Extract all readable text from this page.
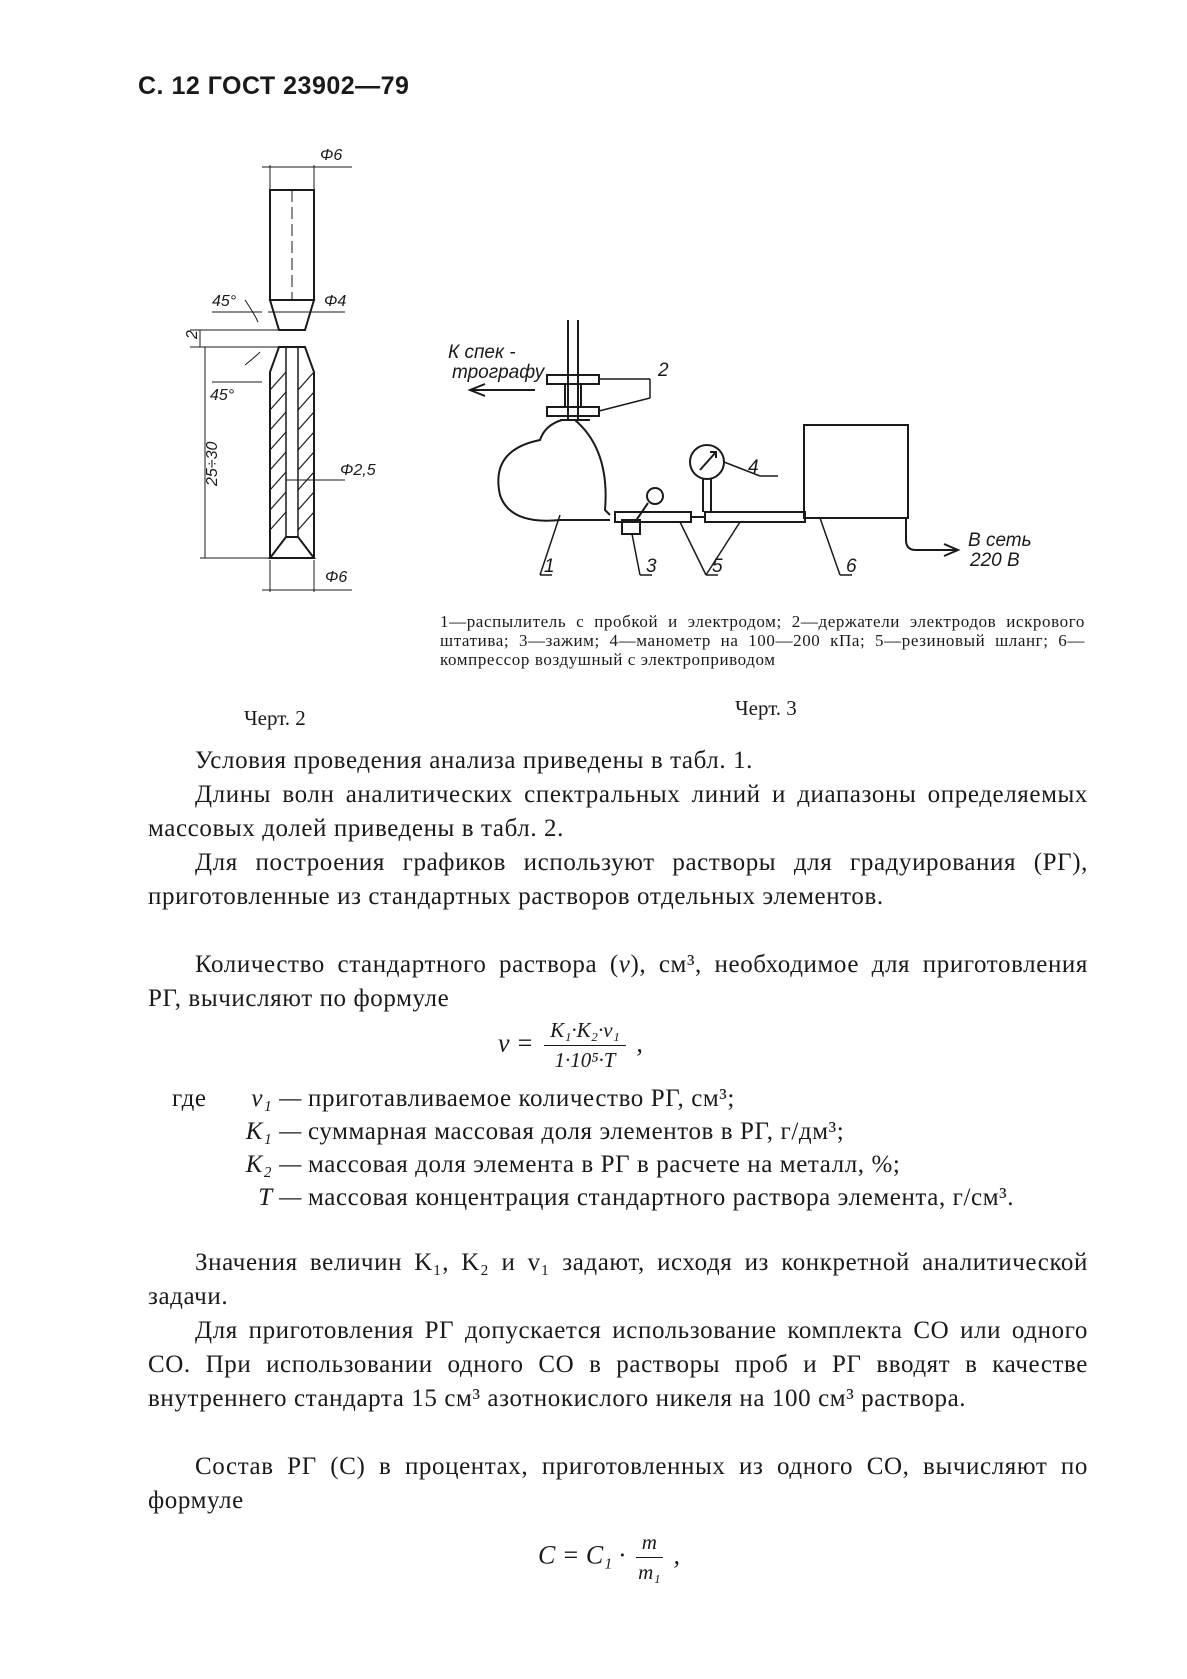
С. 12 ГОСТ 23902—79
Φ6
Φ4
2
45°
45°
25÷30	Φ2,5
Φ6
Черт. 2
К спек -
трографу
1
2
3
4
5	6
В сеть
220 В
1—распылитель с пробкой и электродом; 2—держатели электродов искрового штатива; 3—зажим; 4—манометр на 100—200 кПа; 5—резиновый шланг; 6—компрессор воздушный с электроприводом
Черт. 3
Условия проведения анализа приведены в табл. 1.
Длины волн аналитических спектральных линий и диапазоны определяемых массовых долей приведены в табл. 2.
Для построения графиков используют растворы для градуирования (РГ), приготовленные из стандартных растворов отдельных элементов.
Количество стандартного раствора (v), см³, необходимое для приготовления РГ, вычисляют по формуле
$v = \frac{\text{K₁·K₂·v₁}}{\text{1·10⁵·T}}$ ,
где	v₁ — приготавливаемое количество РГ, см³;
K₁ — суммарная массовая доля элементов в РГ, г/дм³;
K₂ — массовая доля элемента в РГ в расчете на металл, %;
T — массовая концентрация стандартного раствора элемента, г/см³.
Значения величин K₁, K₂ и v₁ задают, исходя из конкретной аналитической задачи.
Для приготовления РГ допускается использование комплекта СО или одного СО. При использовании одного СО в растворы проб и РГ вводят в качестве внутреннего стандарта 15 см³ азотнокислого никеля на 100 см³ раствора.
Состав РГ (С) в процентах, приготовленных из одного СО, вычисляют по формуле
$C = C_1 \cdot \frac{m}{\text{m₁}}$ ,
